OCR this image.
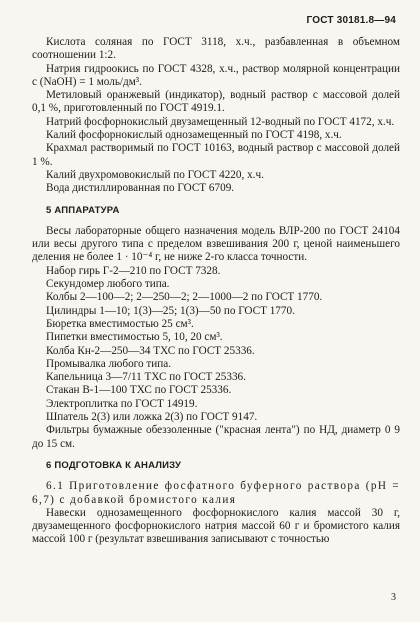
ГОСТ 30181.8—94

Кислота соляная по ГОСТ 3118, х.ч., разбавленная в объемном соотношении 1:2.

Натрия гидроокись по ГОСТ 4328, х.ч., раствор молярной концентрации c (NaOH) = 1 моль/дм³.

Метиловый оранжевый (индикатор), водный раствор с массовой долей 0,1 %, приготовленный по ГОСТ 4919.1.

Натрий фосфорнокислый двузамещенный 12-водный по ГОСТ 4172, х.ч.

Калий фосфорнокислый однозамещенный по ГОСТ 4198, х.ч.

Крахмал растворимый по ГОСТ 10163, водный раствор с массовой долей 1 %.

Калий двухромовокислый по ГОСТ 4220, х.ч.

Вода дистиллированная по ГОСТ 6709.

5 АППАРАТУРА

Весы лабораторные общего назначения модель ВЛР-200 по ГОСТ 24104 или весы другого типа с пределом взвешивания 200 г, ценой наименьшего деления не более 1 · 10⁻⁴ г, не ниже 2-го класса точности.

Набор гирь Г-2—210 по ГОСТ 7328.

Секундомер любого типа.

Колбы 2—100—2; 2—250—2; 2—1000—2 по ГОСТ 1770.

Цилиндры 1—10; 1(3)—25; 1(3)—50 по ГОСТ 1770.

Бюретка вместимостью 25 см³.

Пипетки вместимостью 5, 10, 20 см³.

Колба Кн-2—250—34 ТХС по ГОСТ 25336.

Промывалка любого типа.

Капельница 3—7/11 ТХС по ГОСТ 25336.

Стакан В-1—100 ТХС по ГОСТ 25336.

Электроплитка по ГОСТ 14919.

Шпатель 2(3) или ложка 2(3) по ГОСТ 9147.

Фильтры бумажные обеззоленные ("красная лента") по НД, диаметр 0 9 до 15 см.

6 ПОДГОТОВКА К АНАЛИЗУ

6.1 Приготовление фосфатного буферного раствора (pH = 6,7) с добавкой бромистого калия

Навески однозамещенного фосфорнокислого калия массой 30 г, двузамещенного фосфорнокислого натрия массой 60 г и бромистого калия массой 100 г (результат взвешивания записывают с точностью

3
